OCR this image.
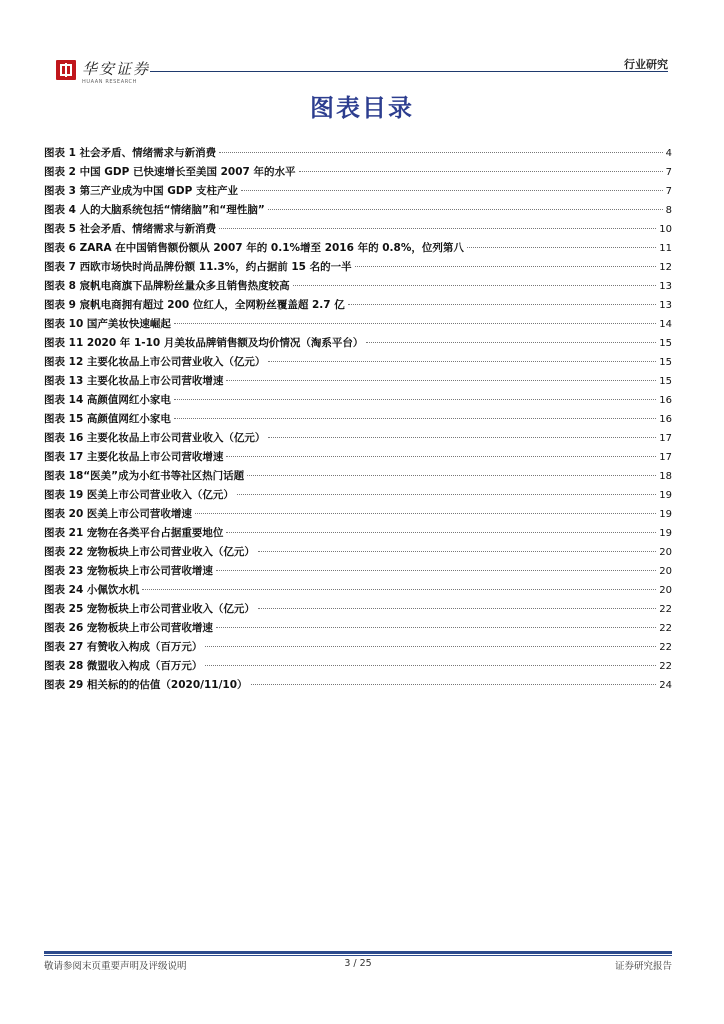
华安证券
HUAAN RESEARCH
行业研究
图表目录
图表 1 社会矛盾、情绪需求与新消费	4
图表 2 中国 GDP 已快速增长至美国 2007 年的水平	7
图表 3 第三产业成为中国 GDP 支柱产业	7
图表 4 人的大脑系统包括“情绪脑”和“理性脑”	8
图表 5 社会矛盾、情绪需求与新消费	10
图表 6 ZARA 在中国销售额份额从 2007 年的 0.1%增至 2016 年的 0.8%，位列第八	11
图表 7 西欧市场快时尚品牌份额 11.3%，约占据前 15 名的一半	12
图表 8 宸帆电商旗下品牌粉丝量众多且销售热度较高	13
图表 9 宸帆电商拥有超过 200 位红人，全网粉丝覆盖超 2.7 亿	13
图表 10 国产美妆快速崛起	14
图表 11 2020 年 1-10 月美妆品牌销售额及均价情况（淘系平台）	15
图表 12 主要化妆品上市公司营业收入（亿元）	15
图表 13 主要化妆品上市公司营收增速	15
图表 14 高颜值网红小家电	16
图表 15 高颜值网红小家电	16
图表 16 主要化妆品上市公司营业收入（亿元）	17
图表 17 主要化妆品上市公司营收增速	17
图表 18“医美”成为小红书等社区热门话题	18
图表 19 医美上市公司营业收入（亿元）	19
图表 20 医美上市公司营收增速	19
图表 21 宠物在各类平台占据重要地位	19
图表 22 宠物板块上市公司营业收入（亿元）	20
图表 23 宠物板块上市公司营收增速	20
图表 24 小佩饮水机	20
图表 25 宠物板块上市公司营业收入（亿元）	22
图表 26 宠物板块上市公司营收增速	22
图表 27 有赞收入构成（百万元）	22
图表 28 微盟收入构成（百万元）	22
图表 29 相关标的的估值（2020/11/10）	24
敬请参阅末页重要声明及评级说明	3 / 25	证券研究报告
